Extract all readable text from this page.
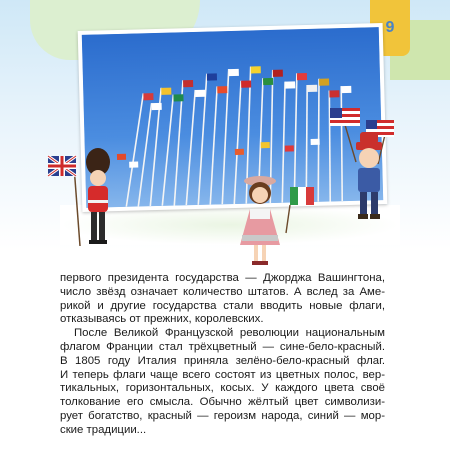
9
первого президента государства — Джорджа Вашингтона,
число звёзд означает количество штатов. А вслед за Аме-
рикой и другие государства стали вводить новые флаги,
отказываясь от прежних, королевских.
После Великой Французской революции национальным
флагом Франции стал трёхцветный — сине-бело-красный.
В 1805 году Италия приняла зелёно-бело-красный флаг.
И теперь флаги чаще всего состоят из цветных полос, вер-
тикальных, горизонтальных, косых. У каждого цвета своё
толкование его смысла. Обычно жёлтый цвет символизи-
рует богатство, красный — героизм народа, синий — мор-
ские традиции...
